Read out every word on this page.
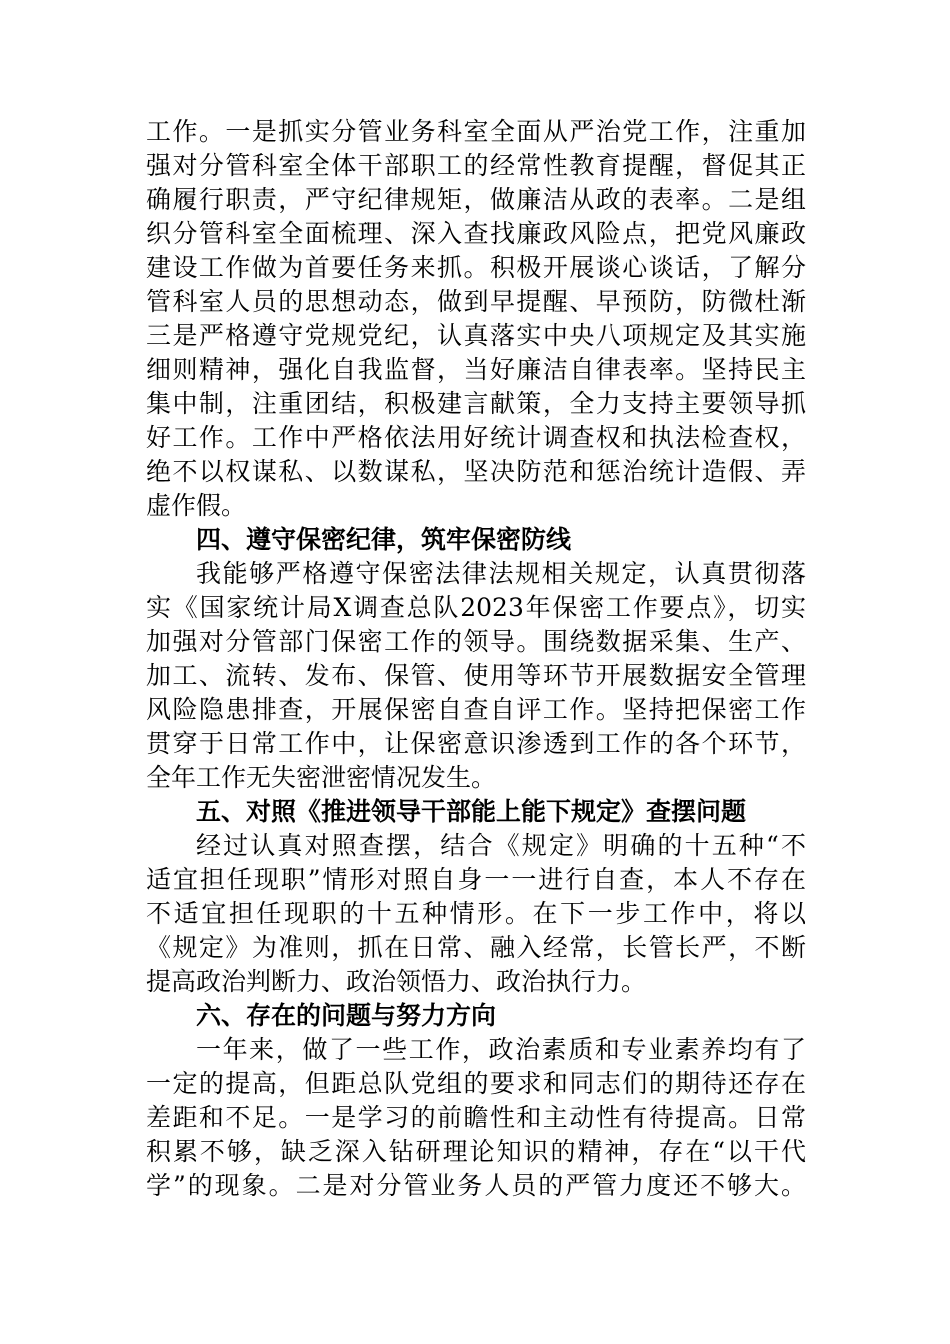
工作。一是抓实分管业务科室全面从严治党工作，注重加
强对分管科室全体干部职工的经常性教育提醒，督促其正
确履行职责，严守纪律规矩，做廉洁从政的表率。二是组
织分管科室全面梳理、深入查找廉政风险点，把党风廉政
建设工作做为首要任务来抓。积极开展谈心谈话，了解分
管科室人员的思想动态，做到早提醒、早预防，防微杜渐
三是严格遵守党规党纪，认真落实中央八项规定及其实施
细则精神，强化自我监督，当好廉洁自律表率。坚持民主
集中制，注重团结，积极建言献策，全力支持主要领导抓
好工作。工作中严格依法用好统计调查权和执法检查权，
绝不以权谋私、以数谋私，坚决防范和惩治统计造假、弄
虚作假。
四、遵守保密纪律，筑牢保密防线
我能够严格遵守保密法律法规相关规定，认真贯彻落
实《国家统计局X调查总队2023年保密工作要点》，切实
加强对分管部门保密工作的领导。围绕数据采集、生产、
加工、流转、发布、保管、使用等环节开展数据安全管理
风险隐患排查，开展保密自查自评工作。坚持把保密工作
贯穿于日常工作中，让保密意识渗透到工作的各个环节，
全年工作无失密泄密情况发生。
五、对照《推进领导干部能上能下规定》查摆问题
经过认真对照查摆，结合《规定》明确的十五种“不
适宜担任现职”情形对照自身一一进行自查，本人不存在
不适宜担任现职的十五种情形。在下一步工作中，将以
《规定》为准则，抓在日常、融入经常，长管长严，不断
提高政治判断力、政治领悟力、政治执行力。
六、存在的问题与努力方向
一年来，做了一些工作，政治素质和专业素养均有了
一定的提高，但距总队党组的要求和同志们的期待还存在
差距和不足。一是学习的前瞻性和主动性有待提高。日常
积累不够，缺乏深入钻研理论知识的精神，存在“以干代
学”的现象。二是对分管业务人员的严管力度还不够大。
